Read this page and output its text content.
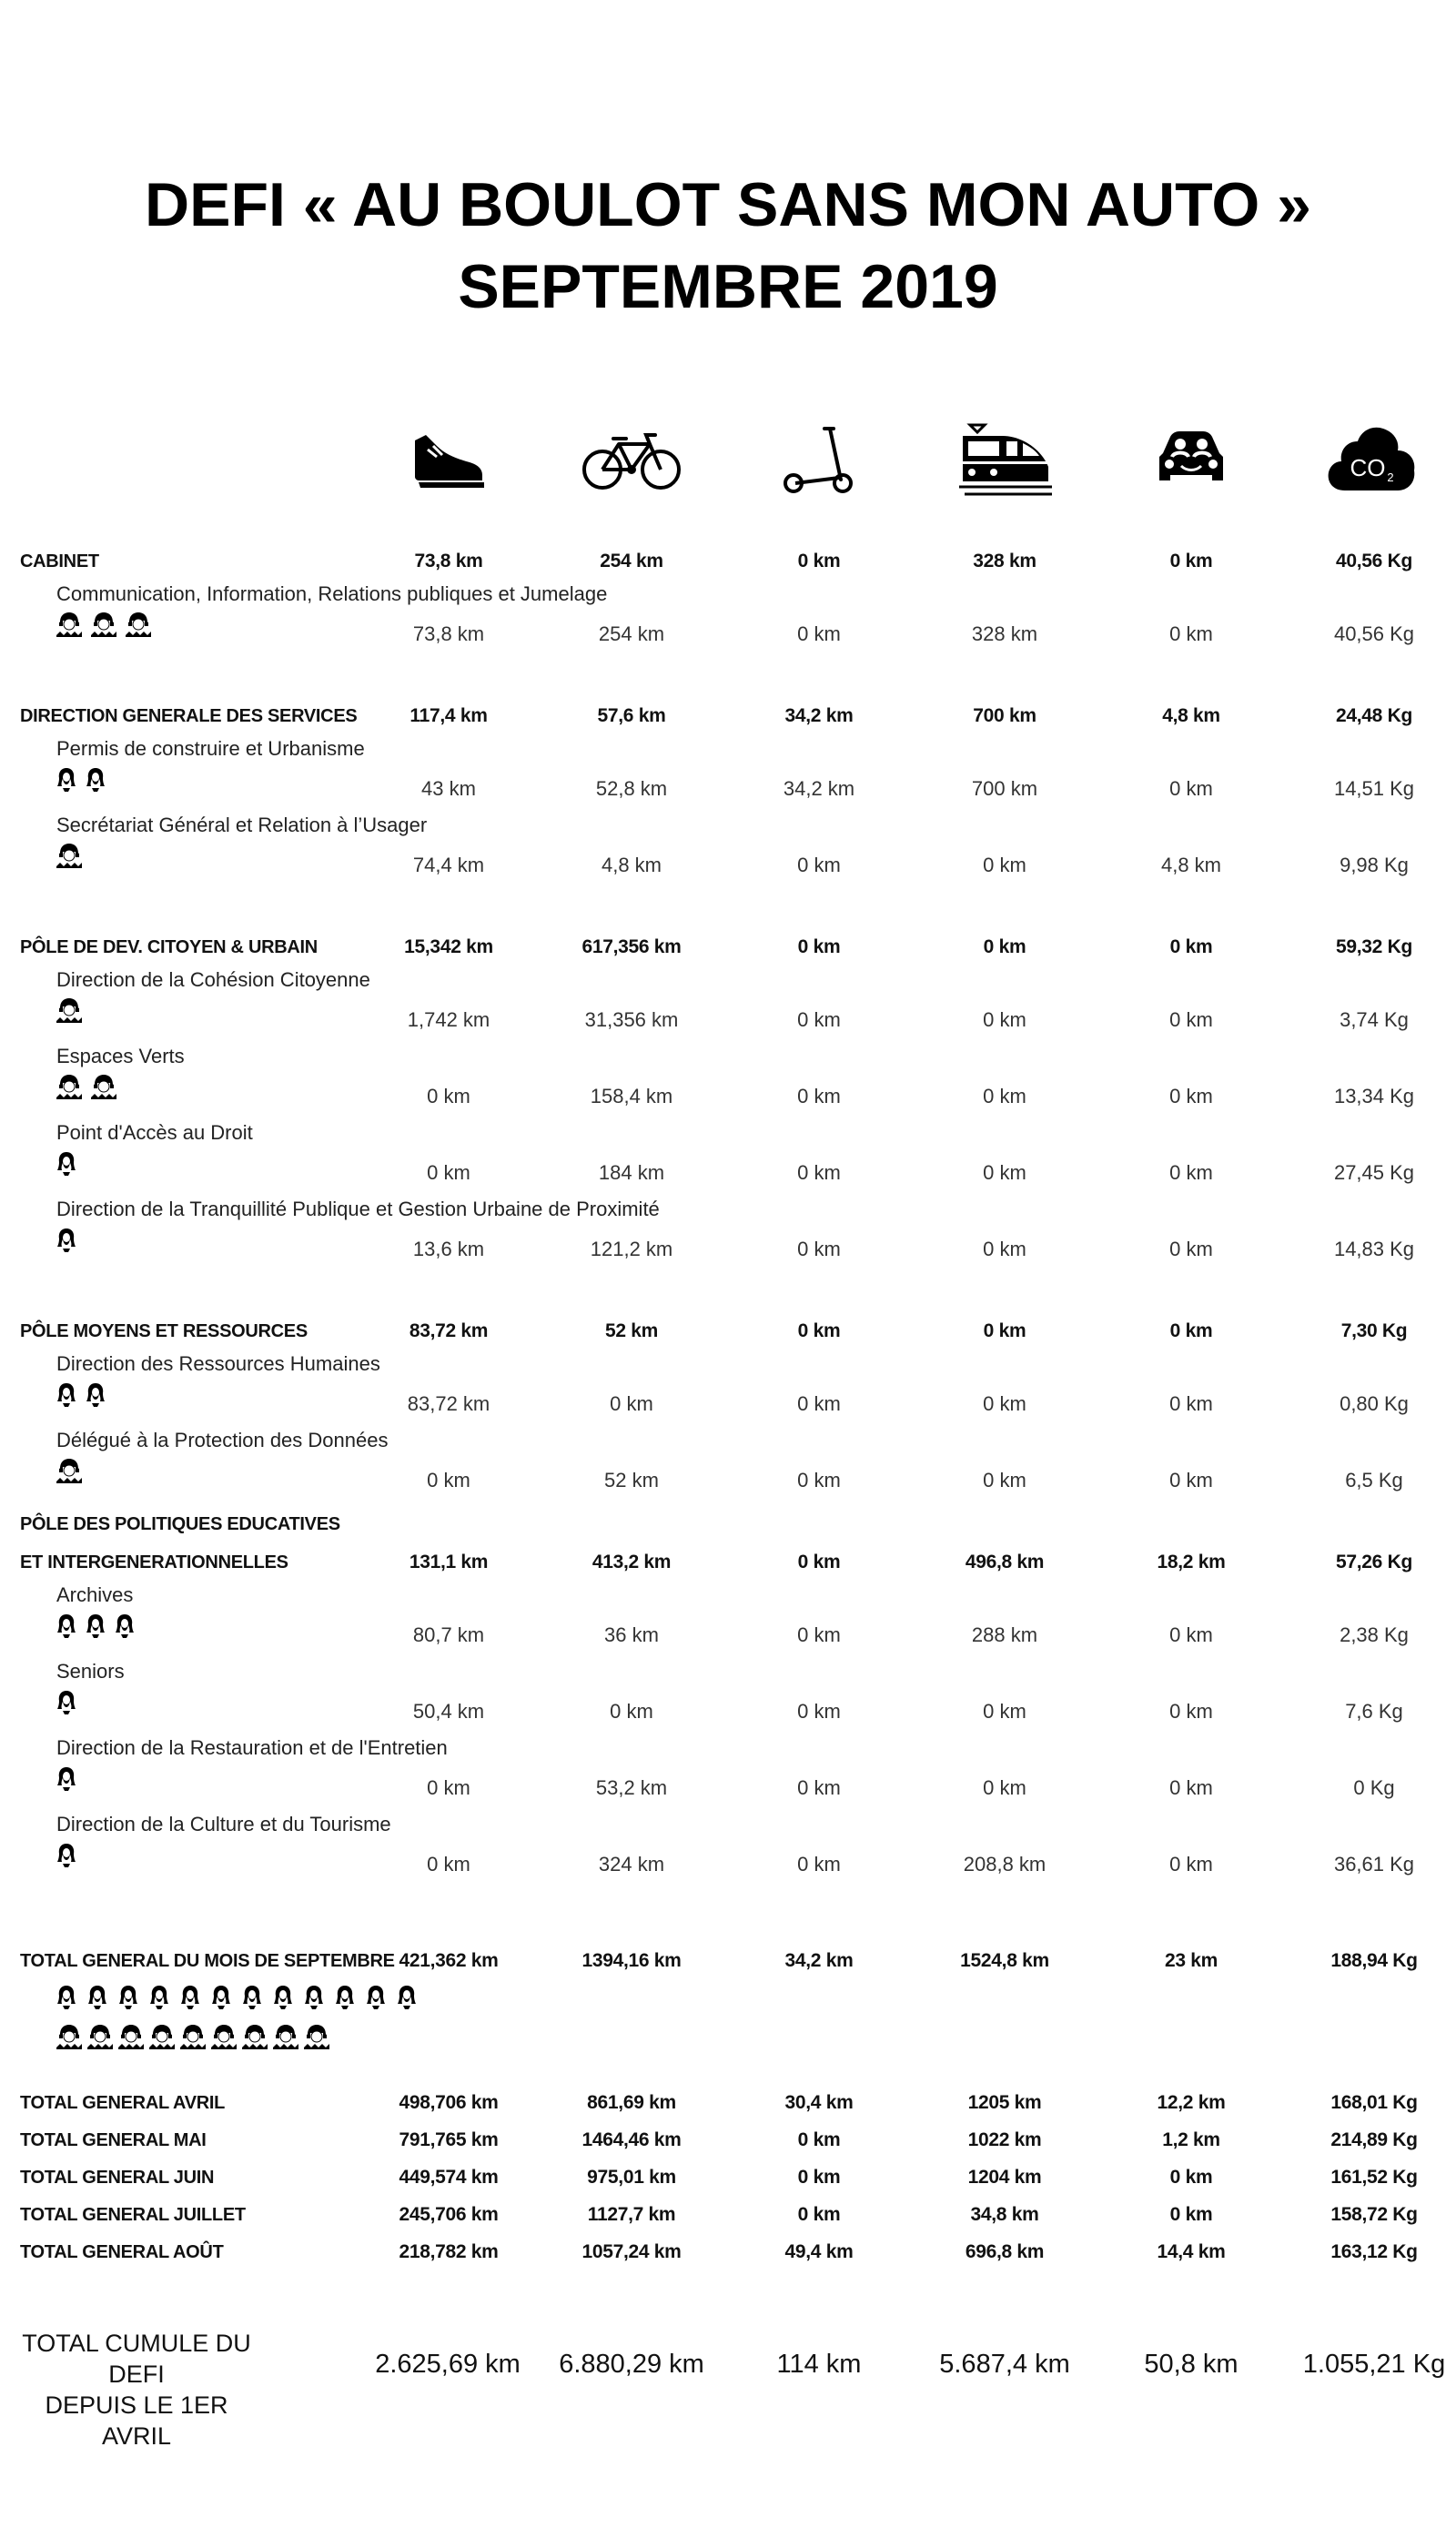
DEFI « AU BOULOT SANS MON AUTO »
SEPTEMBRE 2019
CO 2
CABINET	73,8 km	254 km	0 km	328 km	0 km	40,56 Kg
Communication, Information, Relations publiques et Jumelage
73,8 km	254 km	0 km	328 km	0 km	40,56 Kg
DIRECTION GENERALE DES SERVICES	117,4 km	57,6 km	34,2 km	700 km	4,8 km	24,48 Kg
Permis de construire et Urbanisme
43 km	52,8 km	34,2 km	700 km	0 km	14,51 Kg
Secrétariat Général et Relation à l’Usager
74,4 km	4,8 km	0 km	0 km	4,8 km	9,98 Kg
PÔLE DE DEV. CITOYEN & URBAIN	15,342 km	617,356 km	0 km	0 km	0 km	59,32 Kg
Direction de la Cohésion Citoyenne
1,742 km	31,356 km	0 km	0 km	0 km	3,74 Kg
Espaces Verts
0 km	158,4 km	0 km	0 km	0 km	13,34 Kg
Point d'Accès au Droit
0 km	184 km	0 km	0 km	0 km	27,45 Kg
Direction de la Tranquillité Publique et Gestion Urbaine de Proximité
13,6 km	121,2 km	0 km	0 km	0 km	14,83 Kg
PÔLE MOYENS ET RESSOURCES	83,72 km	52 km	0 km	0 km	0 km	7,30 Kg
Direction des Ressources Humaines
83,72 km	0 km	0 km	0 km	0 km	0,80 Kg
Délégué à la Protection des Données
0 km	52 km	0 km	0 km	0 km	6,5 Kg
PÔLE DES POLITIQUES EDUCATIVES
ET INTERGENERATIONNELLES	131,1 km	413,2 km	0 km	496,8 km	18,2 km	57,26 Kg
Archives
80,7 km	36 km	0 km	288 km	0 km	2,38 Kg
Seniors
50,4 km	0 km	0 km	0 km	0 km	7,6 Kg
Direction de la Restauration et de l'Entretien
0 km	53,2 km	0 km	0 km	0 km	0 Kg
Direction de la Culture et du Tourisme
0 km	324 km	0 km	208,8 km	0 km	36,61 Kg
TOTAL GENERAL DU MOIS DE SEPTEMBRE 421,362 km	1394,16 km	34,2 km	1524,8 km	23 km	188,94 Kg
TOTAL GENERAL AVRIL	498,706 km	861,69 km	30,4 km	1205 km	12,2 km	168,01 Kg
TOTAL GENERAL MAI	791,765 km	1464,46 km	0 km	1022 km	1,2 km	214,89 Kg
TOTAL GENERAL JUIN	449,574 km	975,01 km	0 km	1204 km	0 km	161,52 Kg
TOTAL GENERAL JUILLET	245,706 km	1127,7 km	0 km	34,8 km	0 km	158,72 Kg
TOTAL GENERAL AOÛT	218,782 km	1057,24 km	49,4 km	696,8 km	14,4 km	163,12 Kg
TOTAL CUMULE DU DEFI
DEPUIS LE 1ER AVRIL
2.625,69 km	6.880,29 km	114 km	5.687,4 km	50,8 km	1.055,21 Kg
